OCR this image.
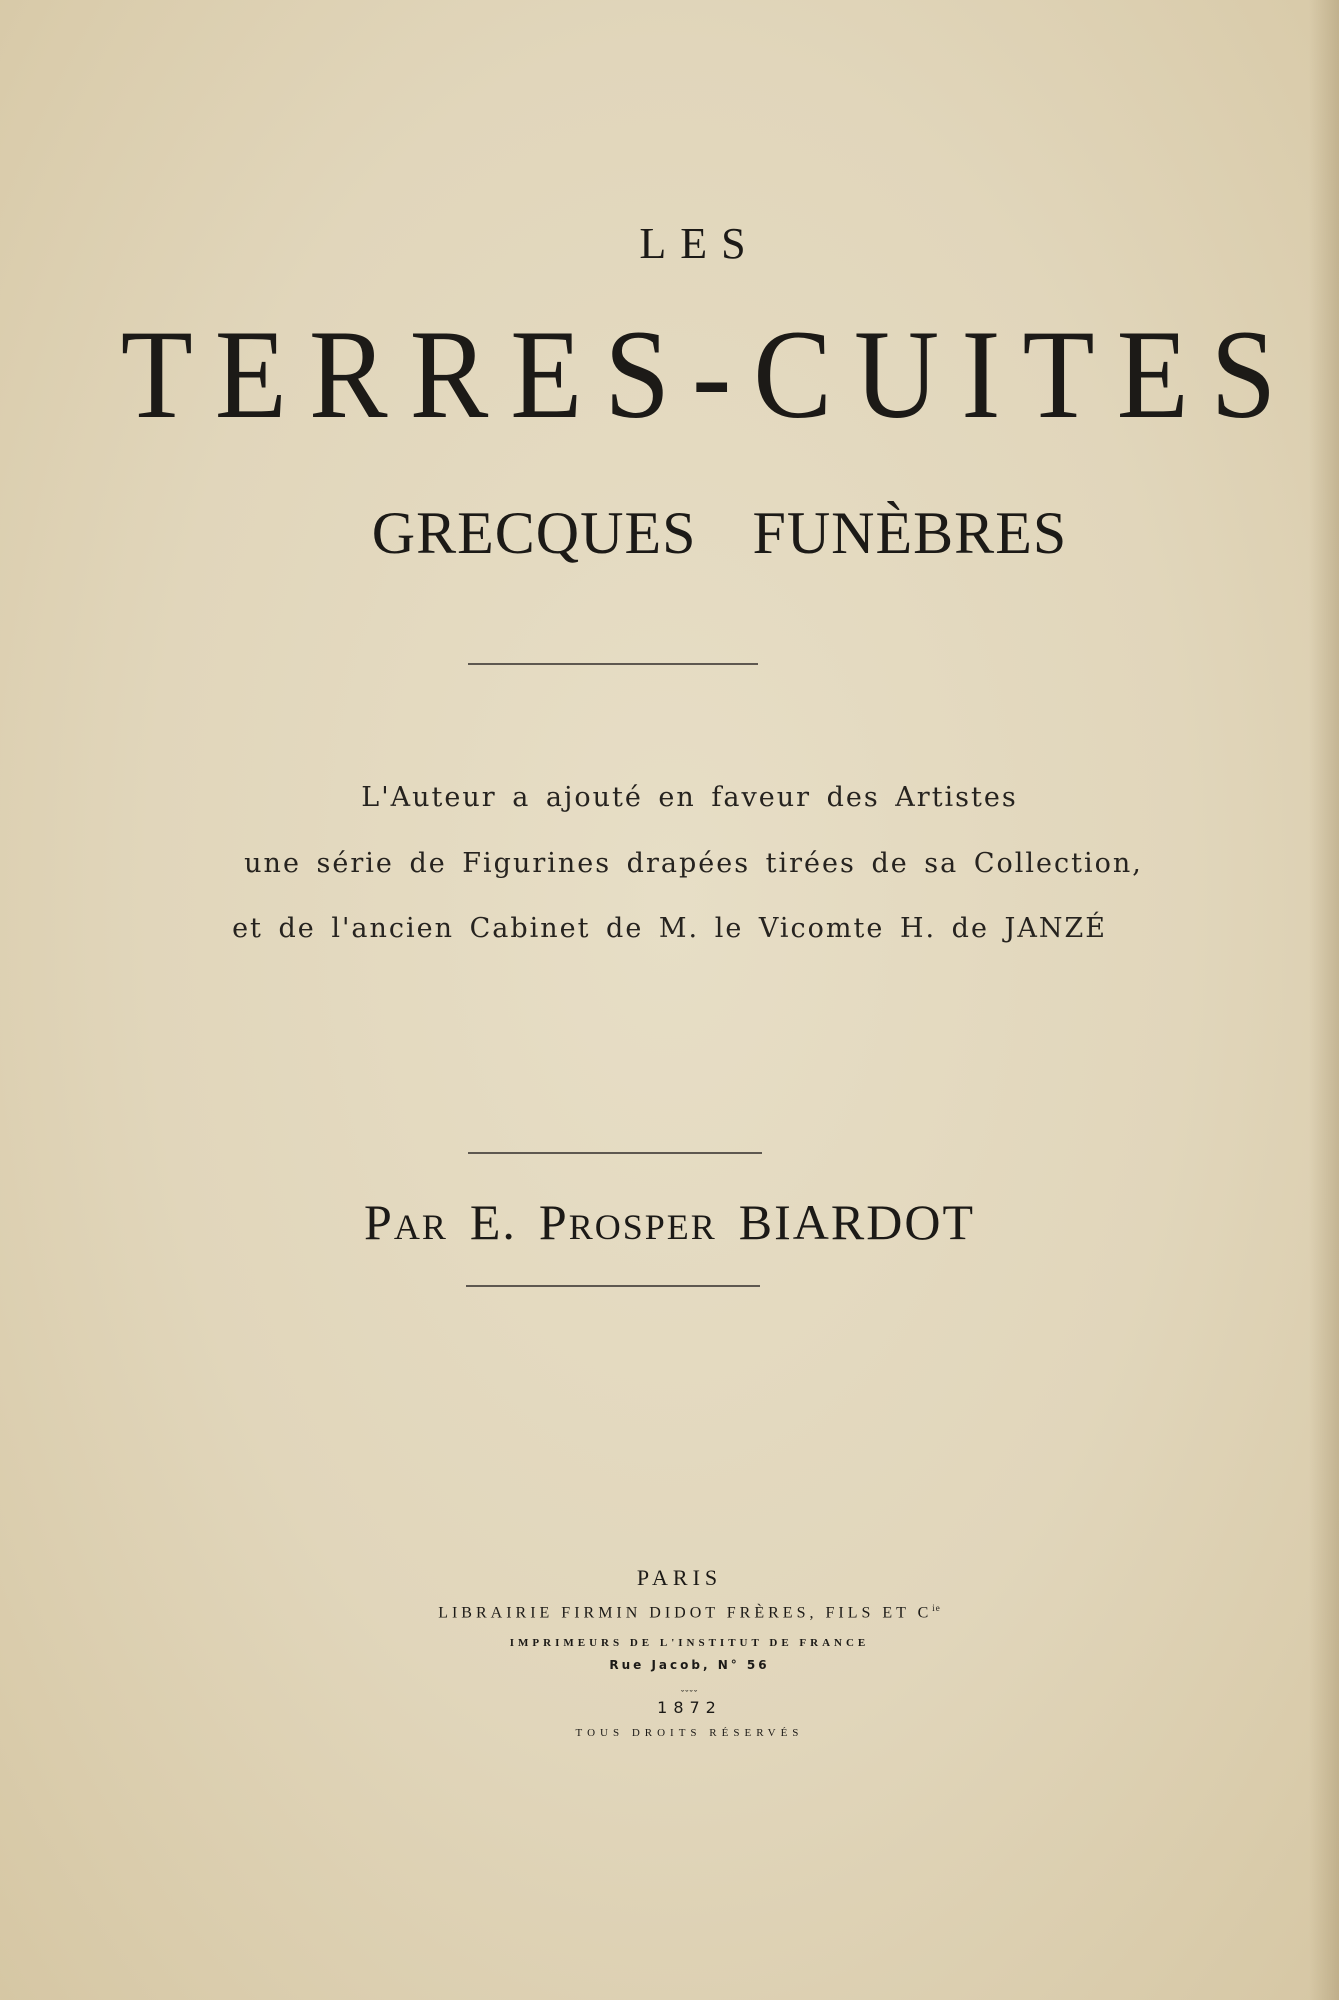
LES
TERRES-CUITES
GRECQUES FUNÈBRES
L'Auteur a ajouté en faveur des Artistes
une série de Figurines drapées tirées de sa Collection,
et de l'ancien Cabinet de M. le Vicomte H. de JANZÉ
PAR E. PROSPER BIARDOT
PARIS
LIBRAIRIE FIRMIN DIDOT FRÈRES, FILS ET $C^{ie}$
IMPRIMEURS DE L'INSTITUT DE FRANCE
Rue Jacob, N° 56
ˬˬˬˬ
1872
TOUS DROITS RÉSERVÉS
